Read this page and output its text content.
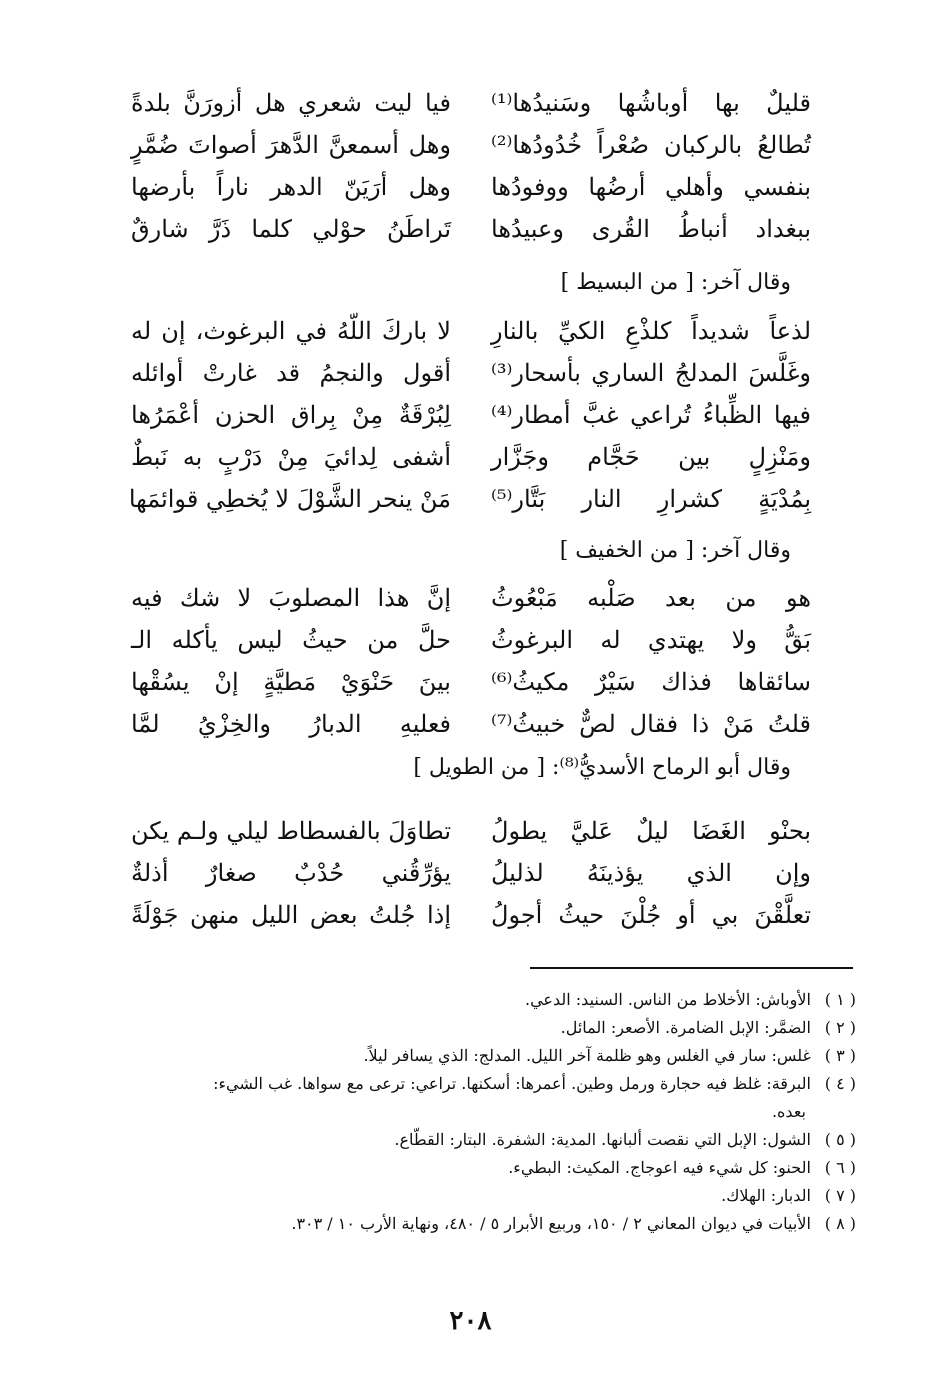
فيا ليت شعري هل أزورَنَّ بلدةً قليلٌ بها أوباشُها وسَنيدُها⁽¹⁾
وهل أسمعنَّ الدَّهرَ أصواتَ ضُمَّرٍ تُطالعُ بالركبان صُعْراً خُدُودُها⁽²⁾
وهل أرَيَنّ الدهر ناراً بأرضها بنفسي وأهلي أرضُها ووفودُها
تَراطَنُ حوْلي كلما ذَرَّ شارقٌ ببغداد أنباطُ القُرى وعبيدُها
وقال آخر: [ من البسيط ]
لا باركَ اللّهُ في البرغوث، إن له لذعاً شديداً كلذْعِ الكيِّ بالنارِ
أقول والنجمُ قد غارتْ أوائله وغَلَّسَ المدلجُ الساري بأسحار⁽³⁾
لِبُرْقَةٌ مِنْ بِراق الحزن أعْمَرُها فيها الظِّباءُ تُراعي غبَّ أمطار⁽⁴⁾
أشفى لِدائيَ مِنْ دَرْبٍ به نَبطٌ ومَنْزِلٍ بين حَجَّام وجَزَّار
مَنْ ينحر الشَّوْلَ لا يُخطِي قوائمَها بِمُدْيَةٍ كشرارِ النار بَتَّار⁽⁵⁾
وقال آخر: [ من الخفيف ]
إنَّ هذا المصلوبَ لا شك فيه هو من بعد صَلْبه مَبْعُوثُ
حلَّ من حيثُ ليس يأكله الـ بَقُّ ولا يهتدي له البرغوثُ
بينَ حَنْوَيْ مَطيَّةٍ إنْ يسُقْها سائقاها فذاك سَيْرٌ مكيثُ⁽⁶⁾
فعليهِ الدبارُ والخِزْيُ لمَّا قلتُ مَنْ ذا فقال لصٌّ خبيثُ⁽⁷⁾
وقال أبو الرماح الأسديُّ⁽⁸⁾: [ من الطويل ]
تطاوَلَ بالفسطاط ليلي ولـم يكن بحنْو الغَضَا ليلٌ عَليَّ يطولُ
يؤرِّقُني حُدْبٌ صغارٌ أذلةٌ وإن الذي يؤذينَهُ لذليلُ
إذا جُلتُ بعض الليل منهن جَوْلَةً تعلَّقْنَ بي أو جُلْنَ حيثُ أجولُ
( ١ ) الأوباش: الأخلاط من الناس. السنيد: الدعي.
( ٢ ) الضمَّر: الإبل الضامرة. الأصعر: المائل.
( ٣ ) غلس: سار في الغلس وهو ظلمة آخر الليل. المدلج: الذي يسافر ليلاً.
( ٤ ) البرقة: غلظ فيه حجارة ورمل وطين. أعمرها: أسكنها. تراعي: ترعى مع سواها. غب الشيء:
بعده.
( ٥ ) الشول: الإبل التي نقصت ألبانها. المدية: الشفرة. البتار: القطّاع.
( ٦ ) الحنو: كل شيء فيه اعوجاج. المكيث: البطيء.
( ٧ ) الدبار: الهلاك.
( ٨ ) الأبيات في ديوان المعاني ٢ / ١٥٠، وربيع الأبرار ٥ / ٤٨٠، ونهاية الأرب ١٠ / ٣٠٣.
٢٠٨
